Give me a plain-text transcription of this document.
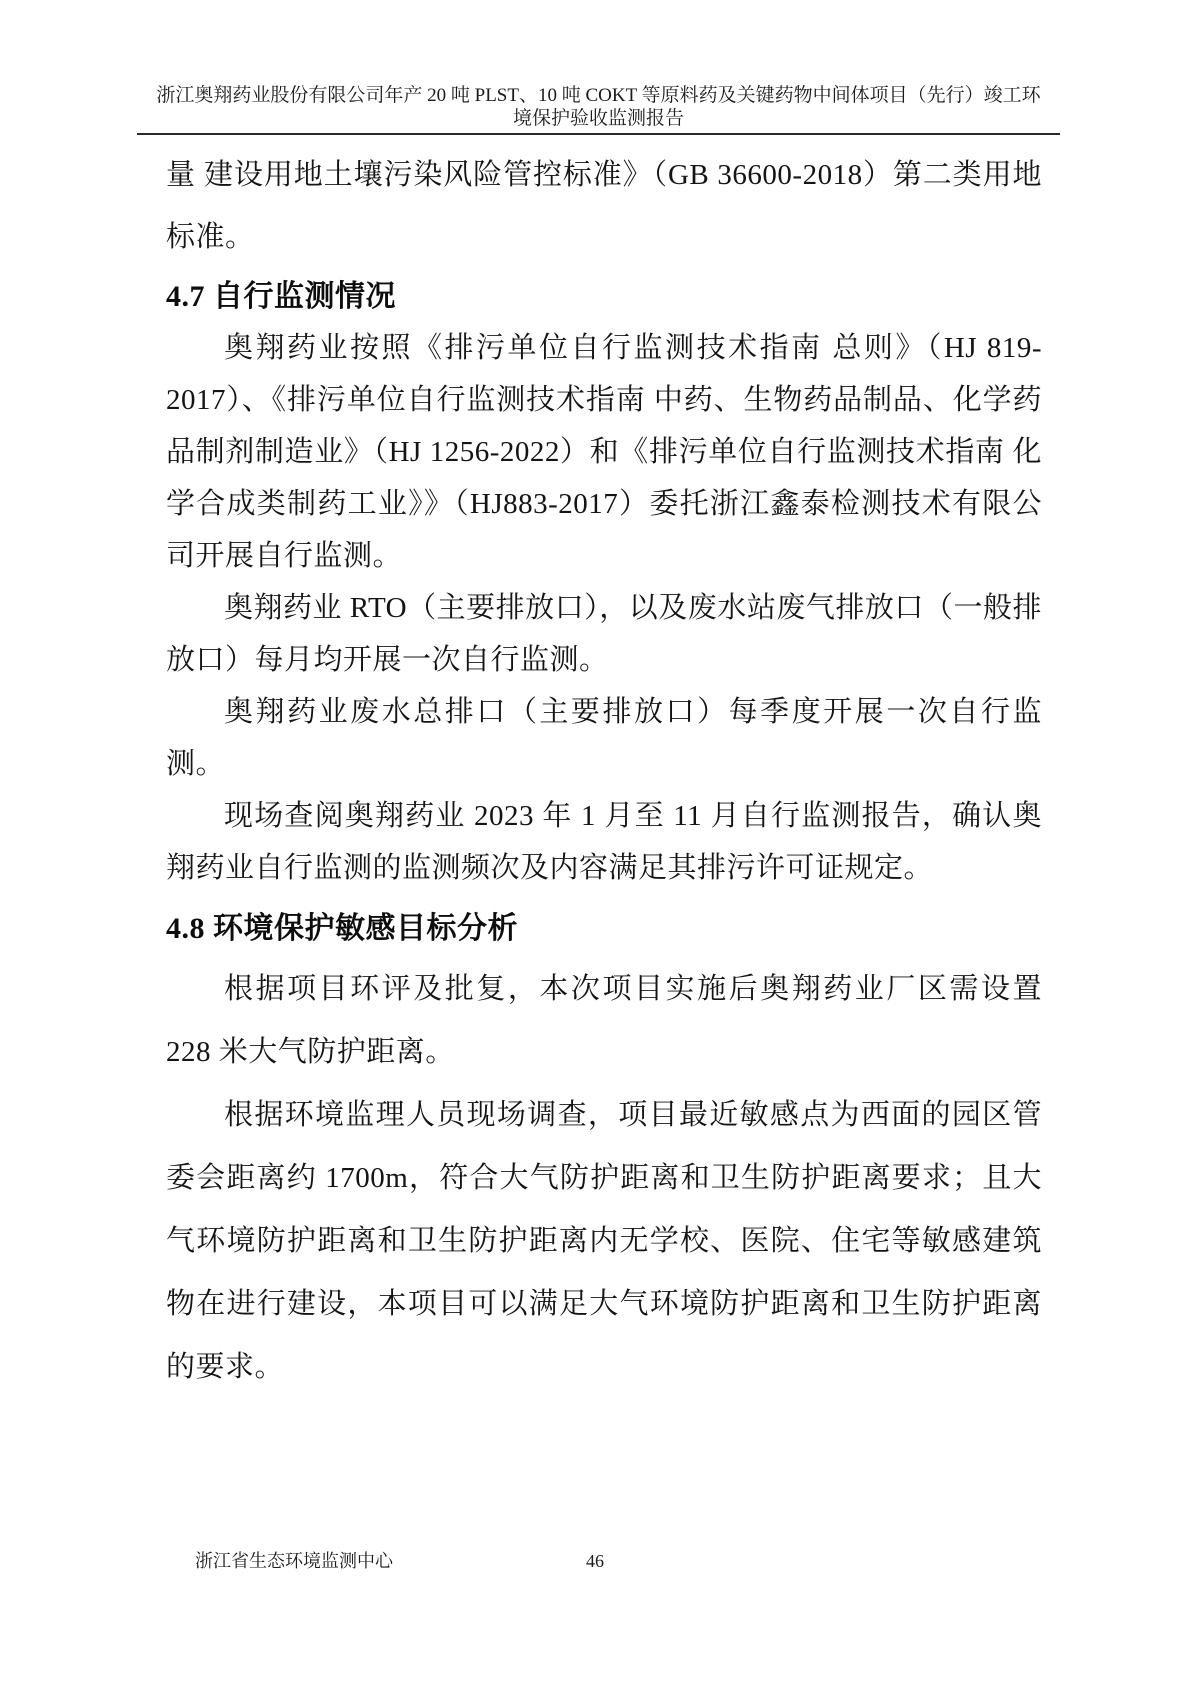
浙江奥翔药业股份有限公司年产 20 吨 PLST、10 吨 COKT 等原料药及关键药物中间体项目（先行）竣工环
境保护验收监测报告

量 建设用地土壤污染风险管控标准》（GB 36600-2018）第二类用地标准。

4.7 自行监测情况

奥翔药业按照《排污单位自行监测技术指南 总则》（HJ 819-2017）、《排污单位自行监测技术指南 中药、生物药品制品、化学药品制剂制造业》（HJ 1256-2022）和《排污单位自行监测技术指南 化学合成类制药工业》》（HJ883-2017）委托浙江鑫泰检测技术有限公司开展自行监测。

奥翔药业 RTO（主要排放口），以及废水站废气排放口（一般排放口）每月均开展一次自行监测。

奥翔药业废水总排口（主要排放口）每季度开展一次自行监测。

现场查阅奥翔药业 2023 年 1 月至 11 月自行监测报告，确认奥翔药业自行监测的监测频次及内容满足其排污许可证规定。

4.8 环境保护敏感目标分析

根据项目环评及批复，本次项目实施后奥翔药业厂区需设置 228 米大气防护距离。

根据环境监理人员现场调查，项目最近敏感点为西面的园区管委会距离约 1700m，符合大气防护距离和卫生防护距离要求；且大气环境防护距离和卫生防护距离内无学校、医院、住宅等敏感建筑物在进行建设，本项目可以满足大气环境防护距离和卫生防护距离的要求。

浙江省生态环境监测中心	46
